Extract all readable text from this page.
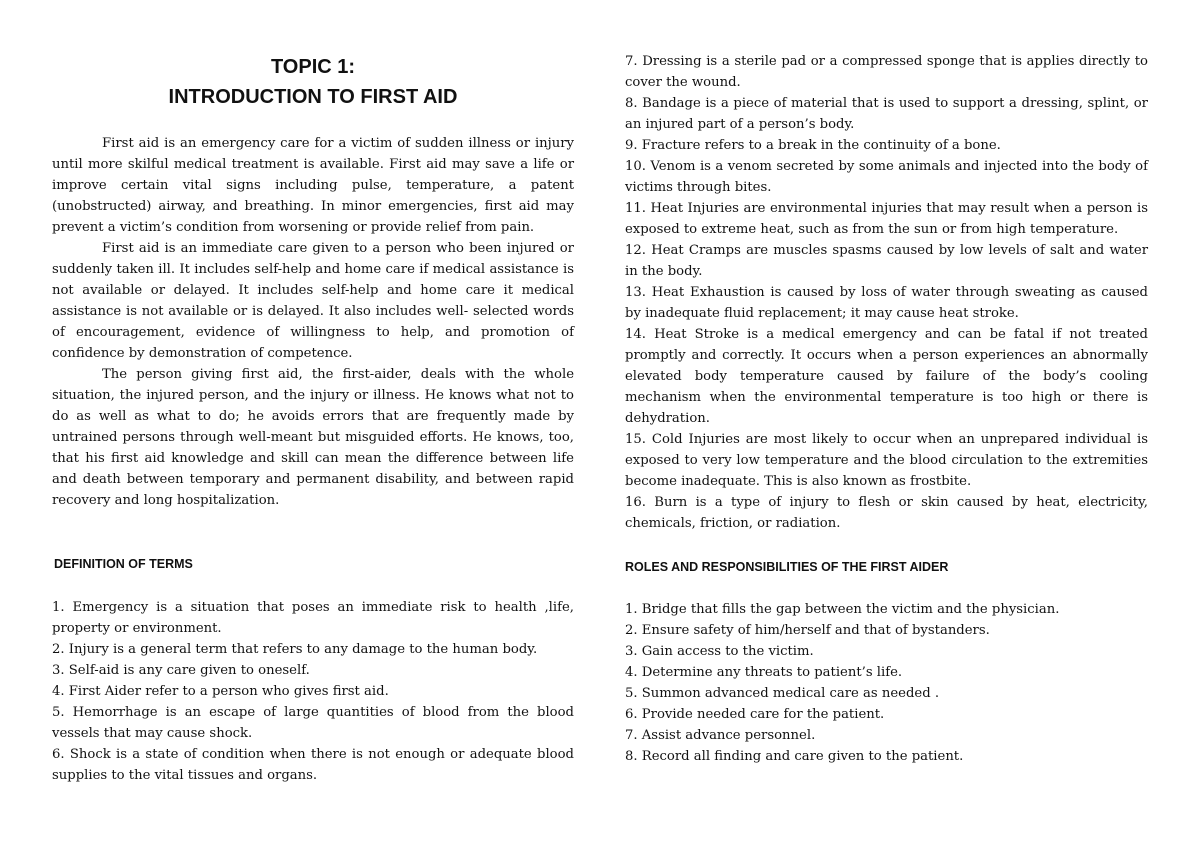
TOPIC 1:
INTRODUCTION TO FIRST AID

First aid is an emergency care for a victim of sudden illness or injury until more skilful medical treatment is available. First aid may save a life or improve certain vital signs including pulse, temperature, a patent (unobstructed) airway, and breathing. In minor emergencies, first aid may prevent a victim’s condition from worsening or provide relief from pain.

First aid is an immediate care given to a person who been injured or suddenly taken ill. It includes self-help and home care if medical assistance is not available or delayed. It includes self-help and home care it medical assistance is not available or is delayed. It also includes well- selected words of encouragement, evidence of willingness to help, and promotion of confidence by demonstration of competence.

The person giving first aid, the first-aider, deals with the whole situation, the injured person, and the injury or illness. He knows what not to do as well as what to do; he avoids errors that are frequently made by untrained persons through well-meant but misguided efforts. He knows, too, that his first aid knowledge and skill can mean the difference between life and death between temporary and permanent disability, and between rapid recovery and long hospitalization.

DEFINITION OF TERMS
1. Emergency is a situation that poses an immediate risk to health ,life, property or environment.
2. Injury is a general term that refers to any damage to the human body.
3. Self-aid is any care given to oneself.
4. First Aider refer to a person who gives first aid.
5. Hemorrhage is an escape of large quantities of blood from the blood vessels that may cause shock.
6. Shock is a state of condition when there is not enough or adequate blood supplies to the vital tissues and organs.
7. Dressing is a sterile pad or a compressed sponge that is applies directly to cover the wound.
8. Bandage is a piece of material that is used to support a dressing, splint, or an injured part of a person’s body.
9. Fracture refers to a break in the continuity of a bone.
10. Venom is a venom secreted by some animals and injected into the body of victims through bites.
11. Heat Injuries are environmental injuries that may result when a person is exposed to extreme heat, such as from the sun or from high temperature.
12. Heat Cramps are muscles spasms caused by low levels of salt and water in the body.
13. Heat Exhaustion is caused by loss of water through sweating as caused by inadequate fluid replacement; it may cause heat stroke.
14. Heat Stroke is a medical emergency and can be fatal if not treated promptly and correctly. It occurs when a person experiences an abnormally elevated body temperature caused by failure of the body’s cooling mechanism when the environmental temperature is too high or there is dehydration.
15. Cold Injuries are most likely to occur when an unprepared individual is exposed to very low temperature and the blood circulation to the extremities become inadequate. This is also known as frostbite.
16. Burn is a type of injury to flesh or skin caused by heat, electricity, chemicals, friction, or radiation.
ROLES AND RESPONSIBILITIES OF THE FIRST AIDER
1. Bridge that fills the gap between the victim and the physician.
2. Ensure safety of him/herself and that of bystanders.
3. Gain access to the victim.
4. Determine any threats to patient’s life.
5. Summon advanced medical care as needed .
6. Provide needed care for the patient.
7. Assist advance personnel.
8. Record all finding and care given to the patient.
